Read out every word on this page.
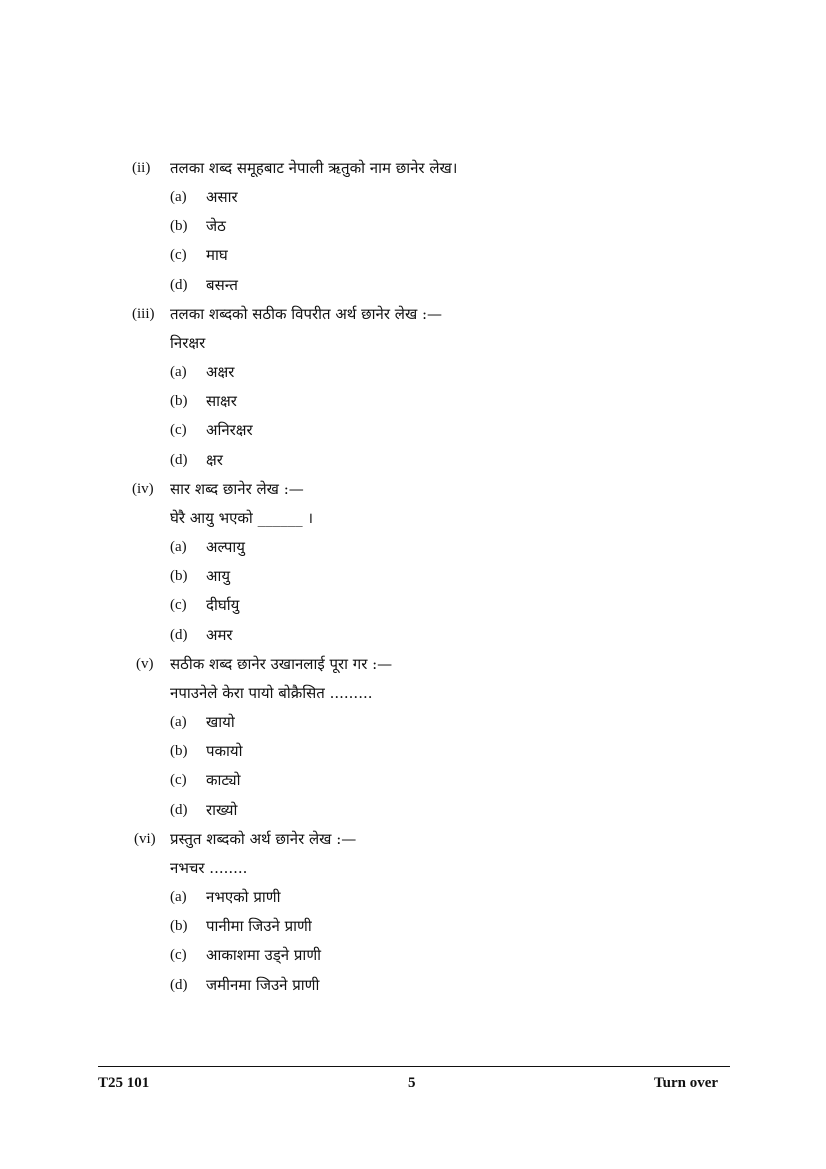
(ii) तलका शब्द समूहबाट नेपाली ऋतुको नाम छानेर लेख।
(a) असार
(b) जेठ
(c) माघ
(d) बसन्त
(iii) तलका शब्दको सठीक विपरीत अर्थ छानेर लेख :—
निरक्षर
(a) अक्षर
(b) साक्षर
(c) अनिरक्षर
(d) क्षर
(iv) सार शब्द छानेर लेख :—
घेरै आयु भएको ______ ।
(a) अल्पायु
(b) आयु
(c) दीर्घायु
(d) अमर
(v) सठीक शब्द छानेर उखानलाई पूरा गर :—
नपाउनेले केरा पायो बोक्रैसित .........
(a) खायो
(b) पकायो
(c) काट्यो
(d) राख्यो
(vi) प्रस्तुत शब्दको अर्थ छानेर लेख :—
नभचर ........
(a) नभएको प्राणी
(b) पानीमा जिउने प्राणी
(c) आकाशमा उड्ने प्राणी
(d) जमीनमा जिउने प्राणी
T25 101	5	Turn over
